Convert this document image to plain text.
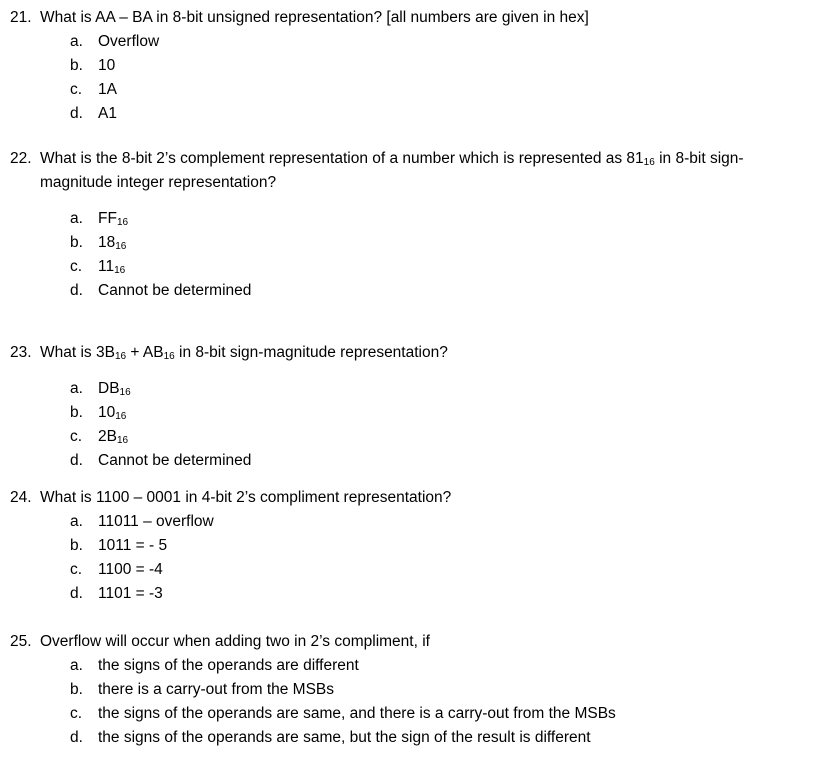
21. What is AA – BA in 8-bit unsigned representation? [all numbers are given in hex]
a. Overflow
b. 10
c.	1A
d. A1
22. What is the 8-bit 2’s complement representation of a number which is represented as $81_{16}$ in 8-bit sign-magnitude integer representation?
a. $FF_{16}$
b. $18_{16}$
c.	$11_{16}$
d. Cannot be determined
23. What is $3B_{16} + AB_{16}$ in 8-bit sign-magnitude representation?
a. $DB_{16}$
b. $10_{16}$
c.	$2B_{16}$
d. Cannot be determined
24. What is 1100 – 0001 in 4-bit 2’s compliment representation?
a. 11011 – overflow
b. 1011 = - 5
c.	1100 = -4
d. 1101 = -3
25. Overflow will occur when adding two in 2’s compliment, if
a. the signs of the operands are different
b. there is a carry-out from the MSBs
c.	the signs of the operands are same, and there is a carry-out from the MSBs
d. the signs of the operands are same, but the sign of the result is different
